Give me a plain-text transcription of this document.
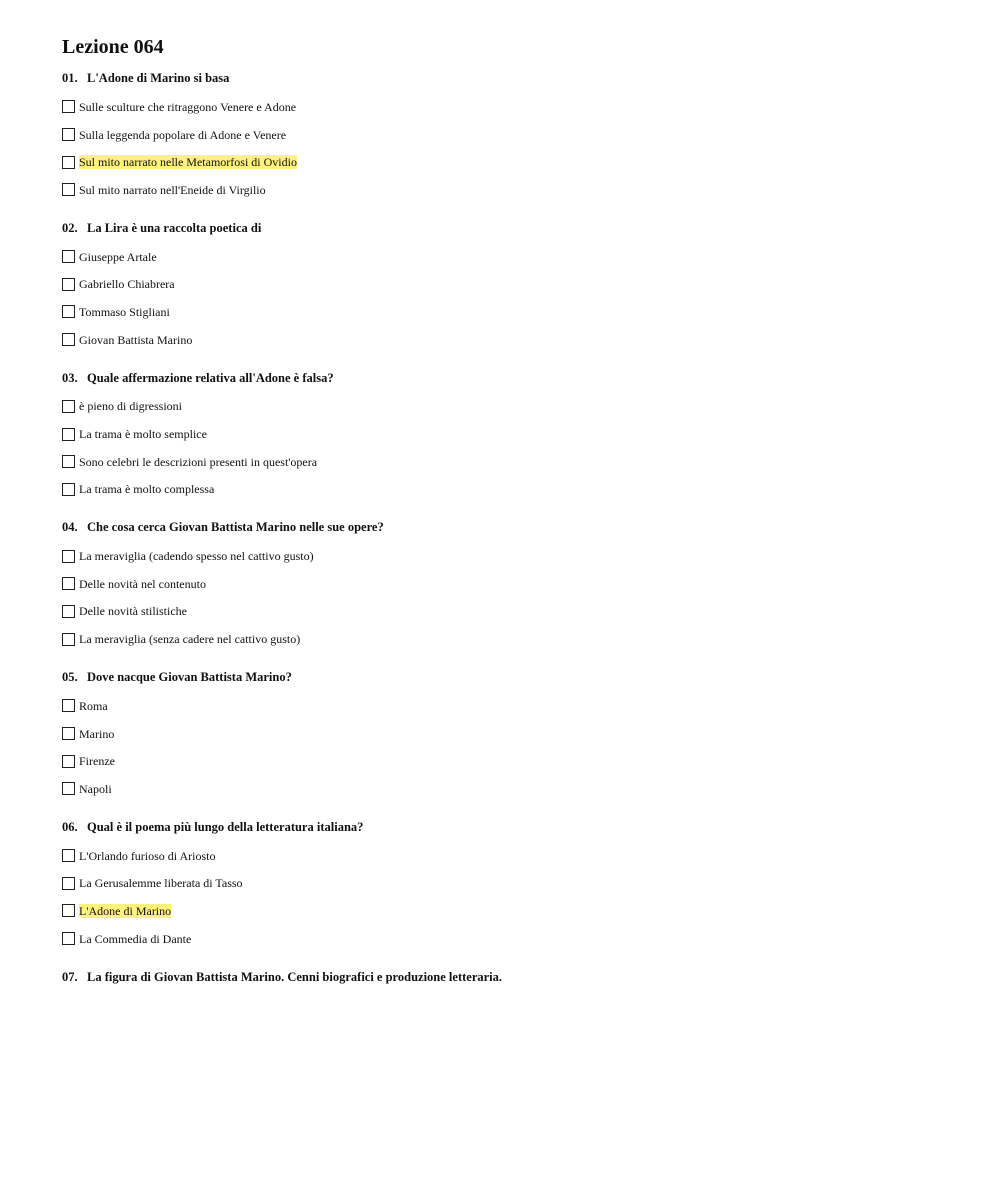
Lezione 064
01. L'Adone di Marino si basa
Sulle sculture che ritraggono Venere e Adone
Sulla leggenda popolare di Adone e Venere
Sul mito narrato nelle Metamorfosi di Ovidio
Sul mito narrato nell'Eneide di Virgilio
02. La Lira è una raccolta poetica di
Giuseppe Artale
Gabriello Chiabrera
Tommaso Stigliani
Giovan Battista Marino
03. Quale affermazione relativa all'Adone è falsa?
è pieno di digressioni
La trama è molto semplice
Sono celebri le descrizioni presenti in quest'opera
La trama è molto complessa
04. Che cosa cerca Giovan Battista Marino nelle sue opere?
La meraviglia (cadendo spesso nel cattivo gusto)
Delle novità nel contenuto
Delle novità stilistiche
La meraviglia (senza cadere nel cattivo gusto)
05. Dove nacque Giovan Battista Marino?
Roma
Marino
Firenze
Napoli
06. Qual è il poema più lungo della letteratura italiana?
L'Orlando furioso di Ariosto
La Gerusalemme liberata di Tasso
L'Adone di Marino
La Commedia di Dante
07. La figura di Giovan Battista Marino. Cenni biografici e produzione letteraria.
